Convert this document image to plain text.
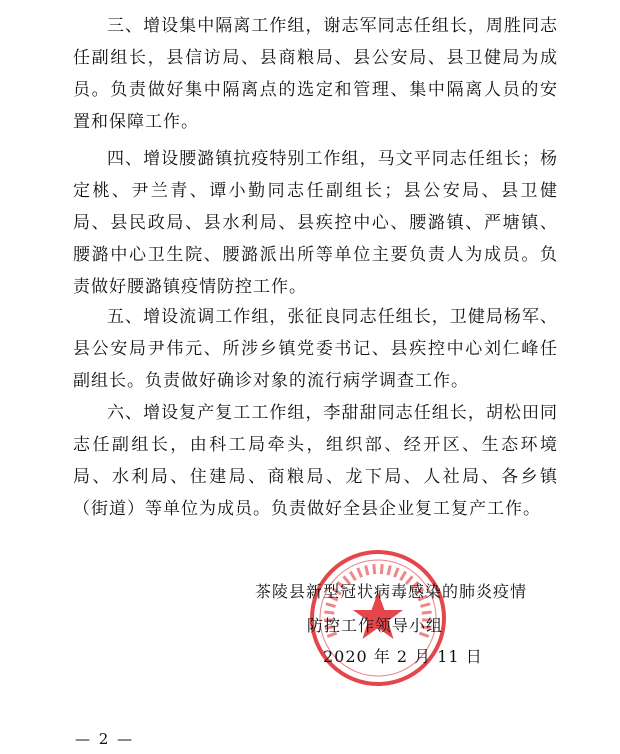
三、增设集中隔离工作组，谢志军同志任组长，周胜同志任副组长，县信访局、县商粮局、县公安局、县卫健局为成员。负责做好集中隔离点的选定和管理、集中隔离人员的安置和保障工作。

四、增设腰潞镇抗疫特别工作组，马文平同志任组长；杨定桃、尹兰青、谭小勤同志任副组长；县公安局、县卫健局、县民政局、县水利局、县疾控中心、腰潞镇、严塘镇、腰潞中心卫生院、腰潞派出所等单位主要负责人为成员。负责做好腰潞镇疫情防控工作。

五、增设流调工作组，张征良同志任组长，卫健局杨军、县公安局尹伟元、所涉乡镇党委书记、县疾控中心刘仁峰任副组长。负责做好确诊对象的流行病学调查工作。

六、增设复产复工工作组，李甜甜同志任组长，胡松田同志任副组长，由科工局牵头，组织部、经开区、生态环境局、水利局、住建局、商粮局、龙下局、人社局、各乡镇（街道）等单位为成员。负责做好全县企业复工复产工作。

茶陵县新型冠状病毒感染的肺炎疫情
防控工作领导小组
2020 年 2 月 11 日
— 2 —
